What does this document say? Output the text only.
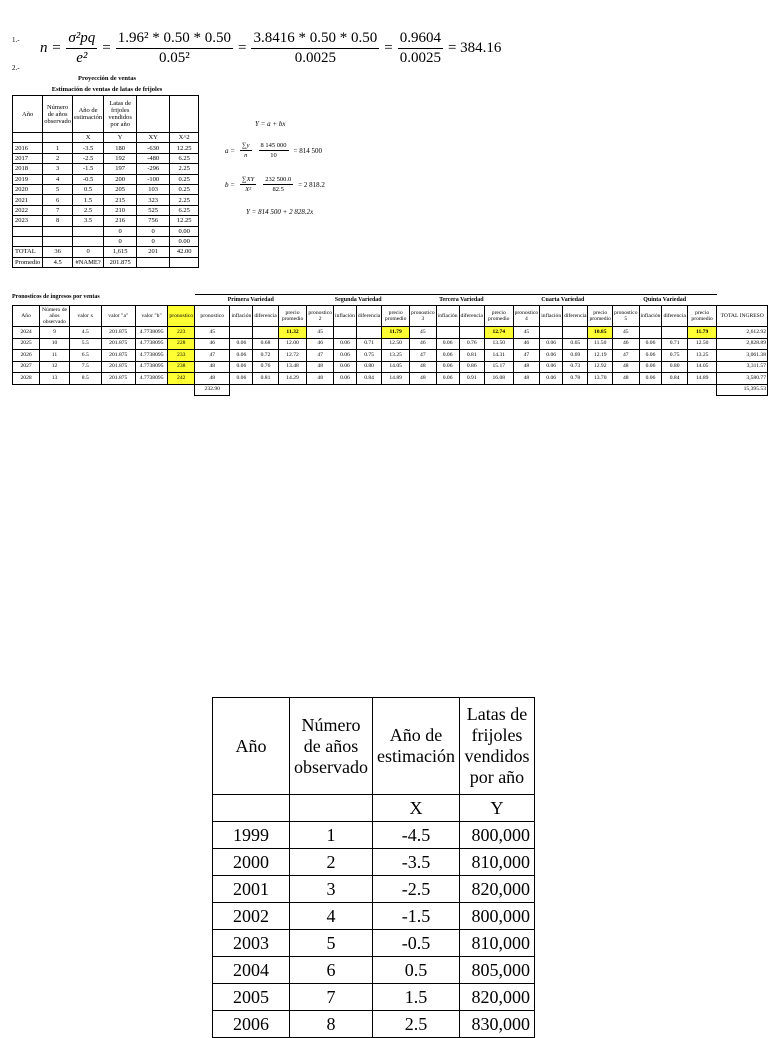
1.- $n = \frac{\text{σ²pq}}{\text{e²}} = \frac{\text{1.96² * 0.50 * 0.50}}{\text{0.05²}} = \frac{3.8416 * 0.50 * 0.50}{0.0025} = \frac{0.9604}{0.0025} = 384.16$
2.-
Proyección de ventas
Estimación de ventas de latas de frijoles
Año	Número de años observado	Año de estimación	Latas de frijoles vendidos por año		
		X	Y	XY	X^2
2016	1	-3.5	180	-630	12.25
2017	2	-2.5	192	-480	6.25
2018	3	-1.5	197	-296	2.25
2019	4	-0.5	200	-100	0.25
2020	5	0.5	205	103	0.25
2021	6	1.5	215	323	2.25
2022	7	2.5	210	525	6.25
2023	8	3.5	216	756	12.25
			0	0	0.00
			0	0	0.00
TOTAL	36	0	1,615	201	42.00
Promedio	4.5	#NAME?	201.875		
Y = a + bx
$a = \frac{\sum y}{n} \frac{8 145 000}{10} = 814$ 500
$b = \frac{\sum XY}{\text{X²}} \frac{232 500.0}{82.5} = 2$ 818.2
Y = 814 500 + 2 828.2x
Pronosticos de ingresos por ventas
						Primera Variedad				Segunda Variedad				Tercera Variedad				Cuarta Variedad				Quinta Variedad				
Año	Número de años observado	valor x	valor "a"	valor "b"	pronostico	pronostico	inflación	diferencia	precio promedio	pronostico 2	inflación	diferencia	precio promedio	pronostico 3	inflación	diferencia	precio promedio	pronostico 4	inflación	diferencia	precio promedio	pronostico 5	inflación	diferencia	precio promedio	TOTAL INGRESO
2024	9	4.5	201.875	4.7738095	223	45			11.32	45			11.79	45			12.74	45			10.85	45			11.79	2,612.92
2025	10	5.5	201.875	4.7738095	228	46	0.06	0.68	12.00	46	0.06	0.71	12.50	46	0.06	0.76	13.50	46	0.06	0.65	11.50	46	0.06	0.71	12.50	2,828.89
2026	11	6.5	201.875	4.7738095	233	47	0.06	0.72	12.72	47	0.06	0.75	13.25	47	0.06	0.81	14.31	47	0.06	0.69	12.19	47	0.06	0.75	13.25	3,061.38
2027	12	7.5	201.875	4.7738095	238	48	0.06	0.76	13.48	48	0.06	0.80	14.05	48	0.06	0.86	15.17	48	0.06	0.73	12.92	48	0.06	0.80	14.05	3,311.57
2028	13	8.5	201.875	4.7738095	242	48	0.06	0.81	14.29	48	0.06	0.84	14.89	48	0.06	0.91	16.08	48	0.06	0.78	13.70	48	0.06	0.84	14.89	3,580.77
						232.90																				15,395.53
Año	Número de años observado	Año de estimación	Latas de frijoles vendidos por año
		X	Y
1999	1	-4.5	800,000
2000	2	-3.5	810,000
2001	3	-2.5	820,000
2002	4	-1.5	800,000
2003	5	-0.5	810,000
2004	6	0.5	805,000
2005	7	1.5	820,000
2006	8	2.5	830,000
